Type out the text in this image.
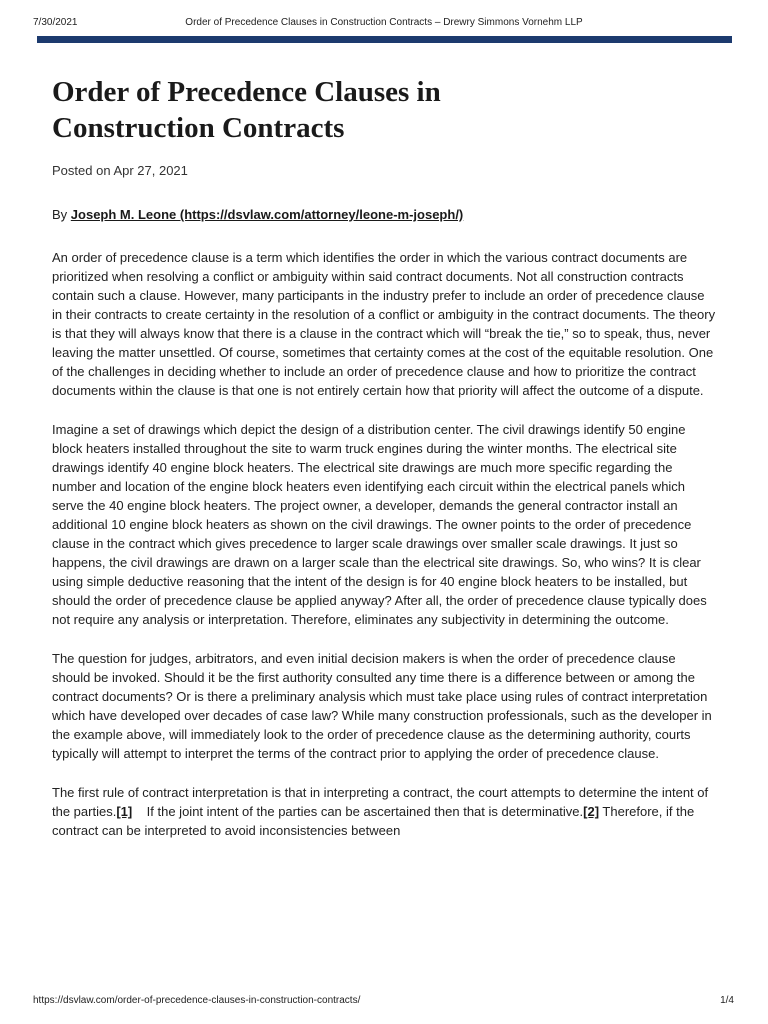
7/30/2021	Order of Precedence Clauses in Construction Contracts – Drewry Simmons Vornehm LLP
Order of Precedence Clauses in
Construction Contracts
Posted on Apr 27, 2021
By Joseph M. Leone (https://dsvlaw.com/attorney/leone-m-joseph/)

An order of precedence clause is a term which identifies the order in which the various contract documents are prioritized when resolving a conflict or ambiguity within said contract documents. Not all construction contracts contain such a clause. However, many participants in the industry prefer to include an order of precedence clause in their contracts to create certainty in the resolution of a conflict or ambiguity in the contract documents. The theory is that they will always know that there is a clause in the contract which will “break the tie,” so to speak, thus, never leaving the matter unsettled. Of course, sometimes that certainty comes at the cost of the equitable resolution. One of the challenges in deciding whether to include an order of precedence clause and how to prioritize the contract documents within the clause is that one is not entirely certain how that priority will affect the outcome of a dispute.

Imagine a set of drawings which depict the design of a distribution center. The civil drawings identify 50 engine block heaters installed throughout the site to warm truck engines during the winter months. The electrical site drawings identify 40 engine block heaters. The electrical site drawings are much more specific regarding the number and location of the engine block heaters even identifying each circuit within the electrical panels which serve the 40 engine block heaters. The project owner, a developer, demands the general contractor install an additional 10 engine block heaters as shown on the civil drawings. The owner points to the order of precedence clause in the contract which gives precedence to larger scale drawings over smaller scale drawings. It just so happens, the civil drawings are drawn on a larger scale than the electrical site drawings. So, who wins? It is clear using simple deductive reasoning that the intent of the design is for 40 engine block heaters to be installed, but should the order of precedence clause be applied anyway? After all, the order of precedence clause typically does not require any analysis or interpretation. Therefore, eliminates any subjectivity in determining the outcome.

The question for judges, arbitrators, and even initial decision makers is when the order of precedence clause should be invoked. Should it be the first authority consulted any time there is a difference between or among the contract documents? Or is there a preliminary analysis which must take place using rules of contract interpretation which have developed over decades of case law? While many construction professionals, such as the developer in the example above, will immediately look to the order of precedence clause as the determining authority, courts typically will attempt to interpret the terms of the contract prior to applying the order of precedence clause.

The first rule of contract interpretation is that in interpreting a contract, the court attempts to determine the intent of the parties.[1]    If the joint intent of the parties can be ascertained then that is determinative.[2] Therefore, if the contract can be interpreted to avoid inconsistencies between

https://dsvlaw.com/order-of-precedence-clauses-in-construction-contracts/	1/4
